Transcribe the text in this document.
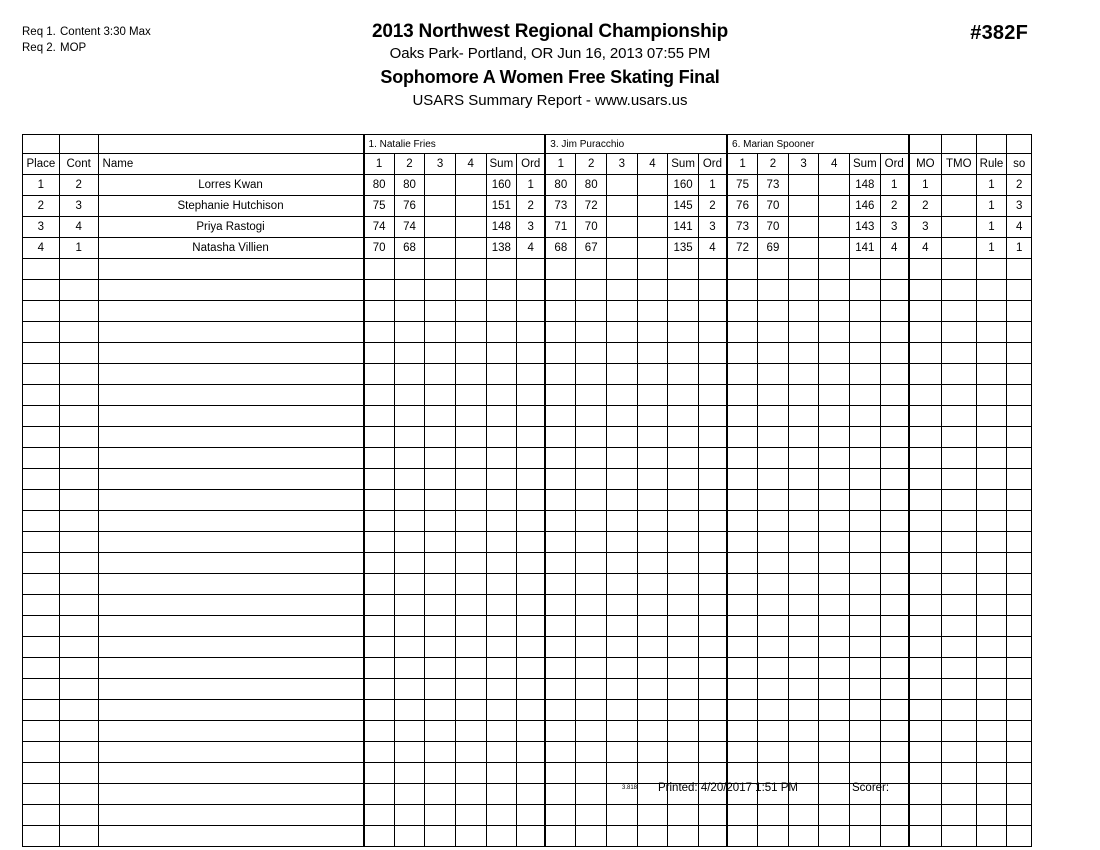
Req 1. Content 3:30 Max
Req 2. MOP
#382F
2013 Northwest Regional Championship
Oaks Park- Portland, OR Jun 16, 2013 07:55 PM
Sophomore A Women Free Skating Final
USARS Summary Report - www.usars.us
			1. Natalie Fries						3. Jim Puracchio						6. Marian Spooner									
Place	Cont	Name	1	2	3	4	Sum	Ord	1	2	3	4	Sum	Ord	1	2	3	4	Sum	Ord	MO	TMO	Rule	so
1	2	Lorres Kwan	80	80			160	1	80	80			160	1	75	73			148	1	1		1	2
2	3	Stephanie Hutchison	75	76			151	2	73	72			145	2	76	70			146	2	2		1	3
3	4	Priya Rastogi	74	74			148	3	71	70			141	3	73	70			143	3	3		1	4
4	1	Natasha Villien	70	68			138	4	68	67			135	4	72	69			141	4	4		1	1

3.818 Printed: 4/20/2017 1:51 PM	Scorer:
